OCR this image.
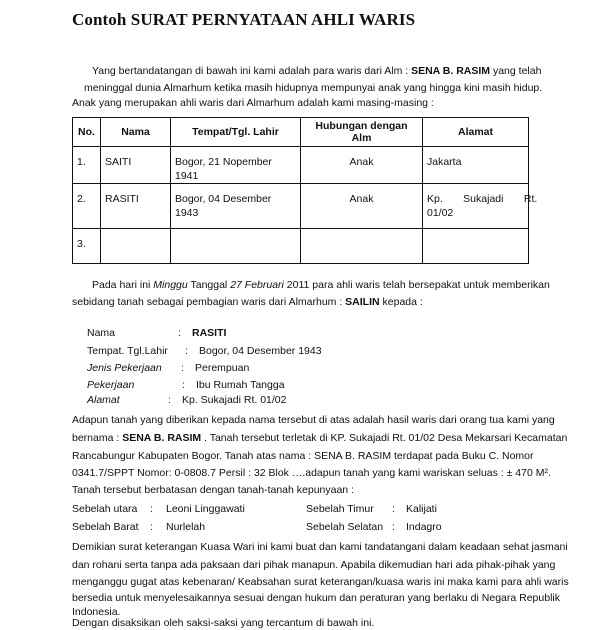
Contoh SURAT PERNYATAAN AHLI WARIS
Yang bertandatangan di bawah ini kami adalah para waris dari Alm : SENA B. RASIM yang telah
meninggal dunia Almarhum ketika masih hidupnya mempunyai anak yang hingga kini masih hidup.
Anak yang merupakan ahli waris dari Almarhum adalah kami masing-masing :
No.	Nama	Tempat/Tgl. Lahir	Hubungan dengan Alm	Alamat
1.	SAITI	Bogor, 21 Nopember 1941	Anak	Jakarta
2.	RASITI	Bogor, 04 Desember 1943	Anak	Kp.       Sukajadi       Rt.
01/02

3.				
Pada hari ini Minggu Tanggal 27 Februari 2011 para ahli waris telah bersepakat untuk memberikan
sebidang tanah sebagai pembagian waris dari Almarhum : SAILIN kepada :
Nama	: RASITI
Tempat. Tgl.Lahir : Bogor, 04 Desember 1943
Jenis Pekerjaan : Perempuan
Pekerjaan	: Ibu Rumah Tangga
Alamat	: Kp. Sukajadi Rt. 01/02
Adapun tanah yang diberikan kepada nama tersebut di atas adalah hasil waris dari orang tua kami yang
bernama : SENA B. RASIM . Tanah tersebut terletak di KP. Sukajadi Rt. 01/02 Desa Mekarsari Kecamatan
Rancabungur Kabupaten Bogor. Tanah atas nama : SENA B. RASIM terdapat pada Buku C. Nomor
0341.7/SPPT Nomor: 0-0808.7 Persil : 32 Blok ….adapun tanah yang kami wariskan seluas : ± 470 M².
Tanah tersebut berbatasan dengan tanah-tanah kepunyaan :
Sebelah utara : Leoni Linggawati	Sebelah Timur : Kalijati
Sebelah Barat : Nurlelah	Sebelah Selatan : Indagro
Demikian surat keterangan Kuasa Wari ini kami buat dan kami tandatangani dalam keadaan sehat jasmani
dan rohani serta tanpa ada paksaan dari pihak manapun. Apabila dikemudian hari ada pihak-pihak yang
menganggu gugat atas kebenaran/ Keabsahan surat keterangan/kuasa waris ini maka kami para ahli waris
bersedia untuk menyelesaikannya sesuai dengan hukum dan peraturan yang berlaku di Negara Republik
Indonesia.
Dengan disaksikan oleh saksi-saksi yang tercantum di bawah ini.
